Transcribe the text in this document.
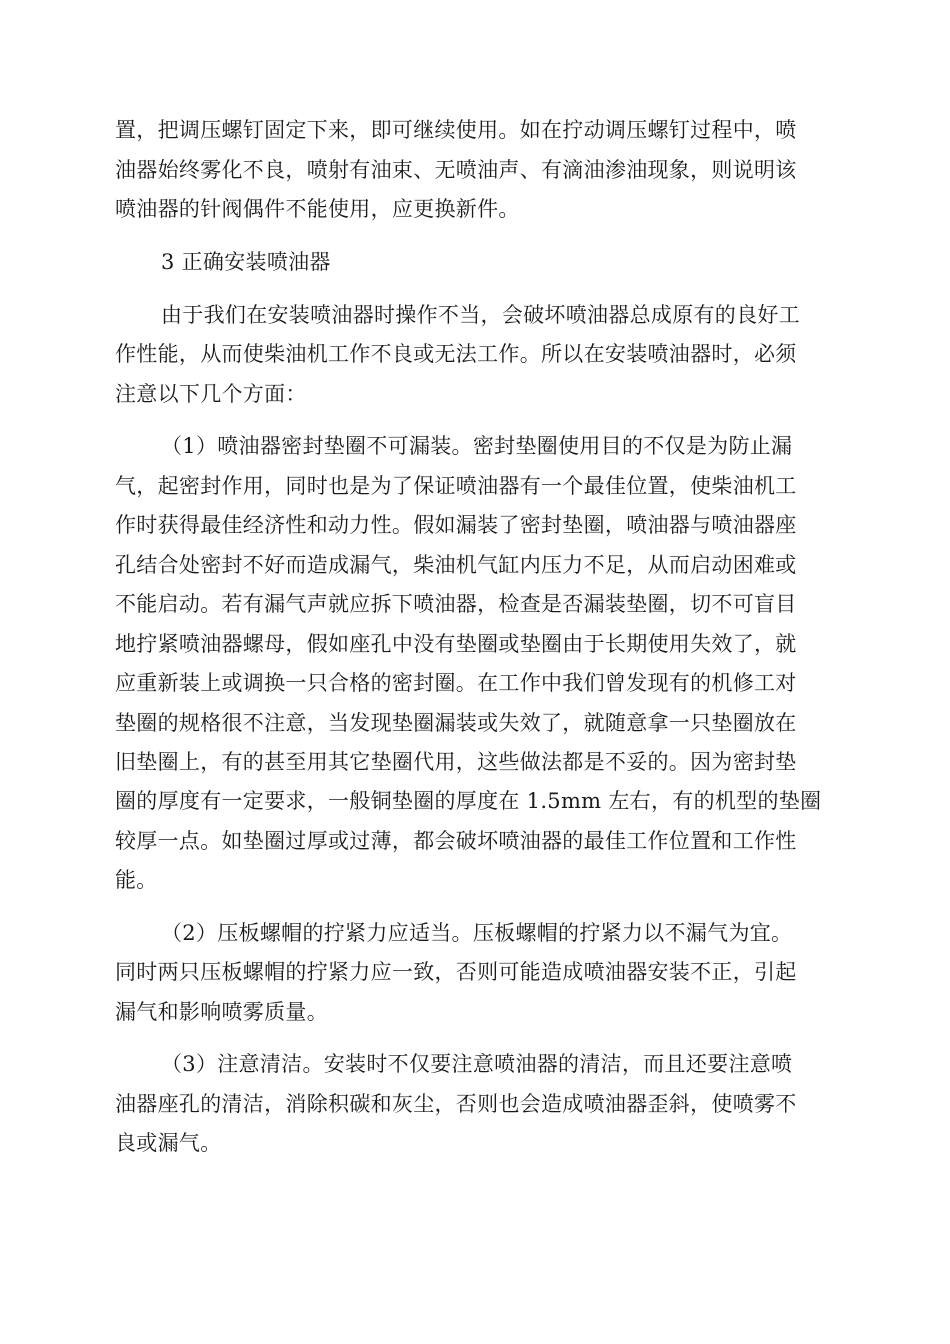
置，把调压螺钉固定下来，即可继续使用。如在拧动调压螺钉过程中，喷
油器始终雾化不良，喷射有油束、无喷油声、有滴油渗油现象，则说明该
喷油器的针阀偶件不能使用，应更换新件。
3 正确安装喷油器
由于我们在安装喷油器时操作不当，会破坏喷油器总成原有的良好工
作性能，从而使柴油机工作不良或无法工作。所以在安装喷油器时，必须
注意以下几个方面：
（1）喷油器密封垫圈不可漏装。密封垫圈使用目的不仅是为防止漏
气，起密封作用，同时也是为了保证喷油器有一个最佳位置，使柴油机工
作时获得最佳经济性和动力性。假如漏装了密封垫圈，喷油器与喷油器座
孔结合处密封不好而造成漏气，柴油机气缸内压力不足，从而启动困难或
不能启动。若有漏气声就应拆下喷油器，检查是否漏装垫圈，切不可盲目
地拧紧喷油器螺母，假如座孔中没有垫圈或垫圈由于长期使用失效了，就
应重新装上或调换一只合格的密封圈。在工作中我们曾发现有的机修工对
垫圈的规格很不注意，当发现垫圈漏装或失效了，就随意拿一只垫圈放在
旧垫圈上，有的甚至用其它垫圈代用，这些做法都是不妥的。因为密封垫
圈的厚度有一定要求，一般铜垫圈的厚度在 1.5mm 左右，有的机型的垫圈
较厚一点。如垫圈过厚或过薄，都会破坏喷油器的最佳工作位置和工作性
能。
（2）压板螺帽的拧紧力应适当。压板螺帽的拧紧力以不漏气为宜。
同时两只压板螺帽的拧紧力应一致，否则可能造成喷油器安装不正，引起
漏气和影响喷雾质量。
（3）注意清洁。安装时不仅要注意喷油器的清洁，而且还要注意喷
油器座孔的清洁，消除积碳和灰尘，否则也会造成喷油器歪斜，使喷雾不
良或漏气。
